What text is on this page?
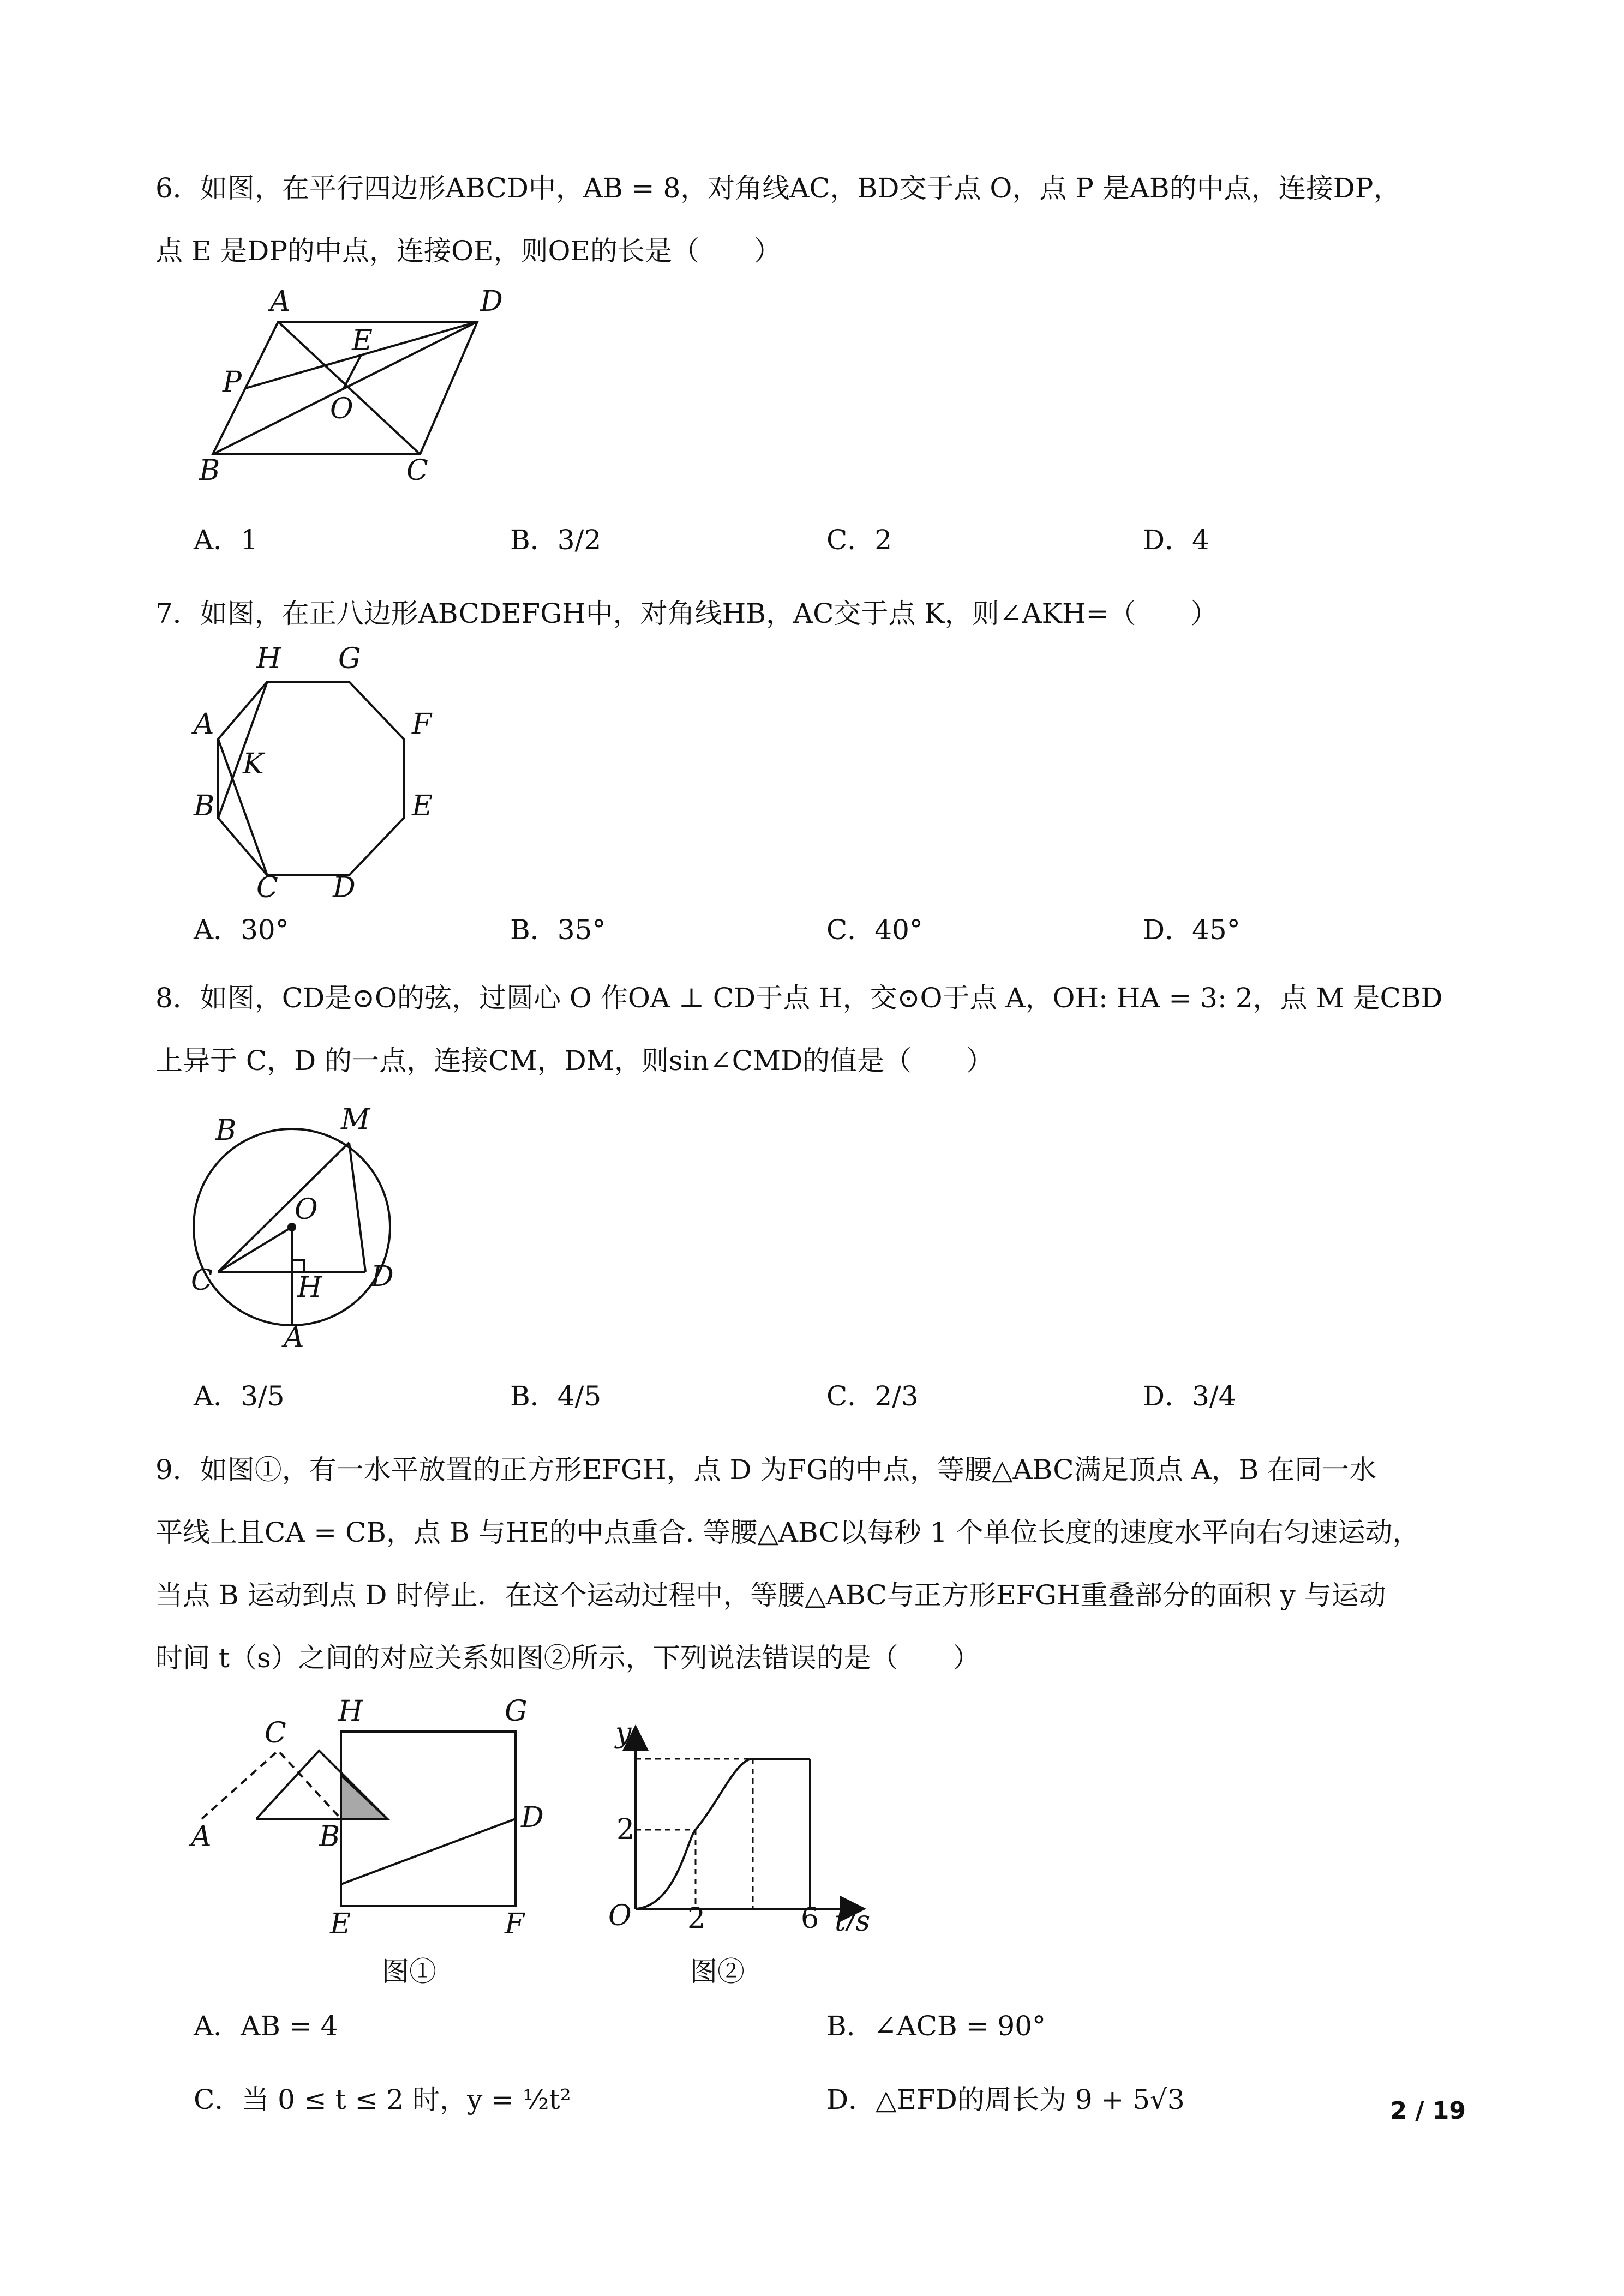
6．如图，在平行四边形ABCD中，AB = 8，对角线AC，BD交于点 O，点 P 是AB的中点，连接DP，
点 E 是DP的中点，连接OE，则OE的长是（　　）
A	D
E
P
O
B	C
A．1	B．3/2	C．2	D．4
7．如图，在正八边形ABCDEFGH中，对角线HB，AC交于点 K，则∠AKH=（　　）
H G
F
A
K
B	E
C D
A．30°	B．35°	C．40°	D．45°
8．如图，CD是⊙O的弦，过圆心 O 作OA ⊥ CD于点 H，交⊙O于点 A，OH: HA = 3: 2，点 M 是CBD
上异于 C，D 的一点，连接CM，DM，则sin∠CMD的值是（　　）
B	M
O
C	H D
A
A．3/5	B．4/5	C．2/3	D．3/4
9．如图①，有一水平放置的正方形EFGH，点 D 为FG的中点，等腰△ABC满足顶点 A，B 在同一水
平线上且CA = CB，点 B 与HE的中点重合. 等腰△ABC以每秒 1 个单位长度的速度水平向右匀速运动，
当点 B 运动到点 D 时停止．在这个运动过程中，等腰△ABC与正方形EFGH重叠部分的面积 y 与运动
时间 t（s）之间的对应关系如图②所示，下列说法错误的是（　　）
H	G
C
D
A	B
E	F
图①
y
2
O 2	6 t/s
图②
A．AB = 4	B．∠ACB = 90°
C．当 0 ≤ t ≤ 2 时，y = ½t²	D．△EFD的周长为 9 + 5√3	2 / 19
